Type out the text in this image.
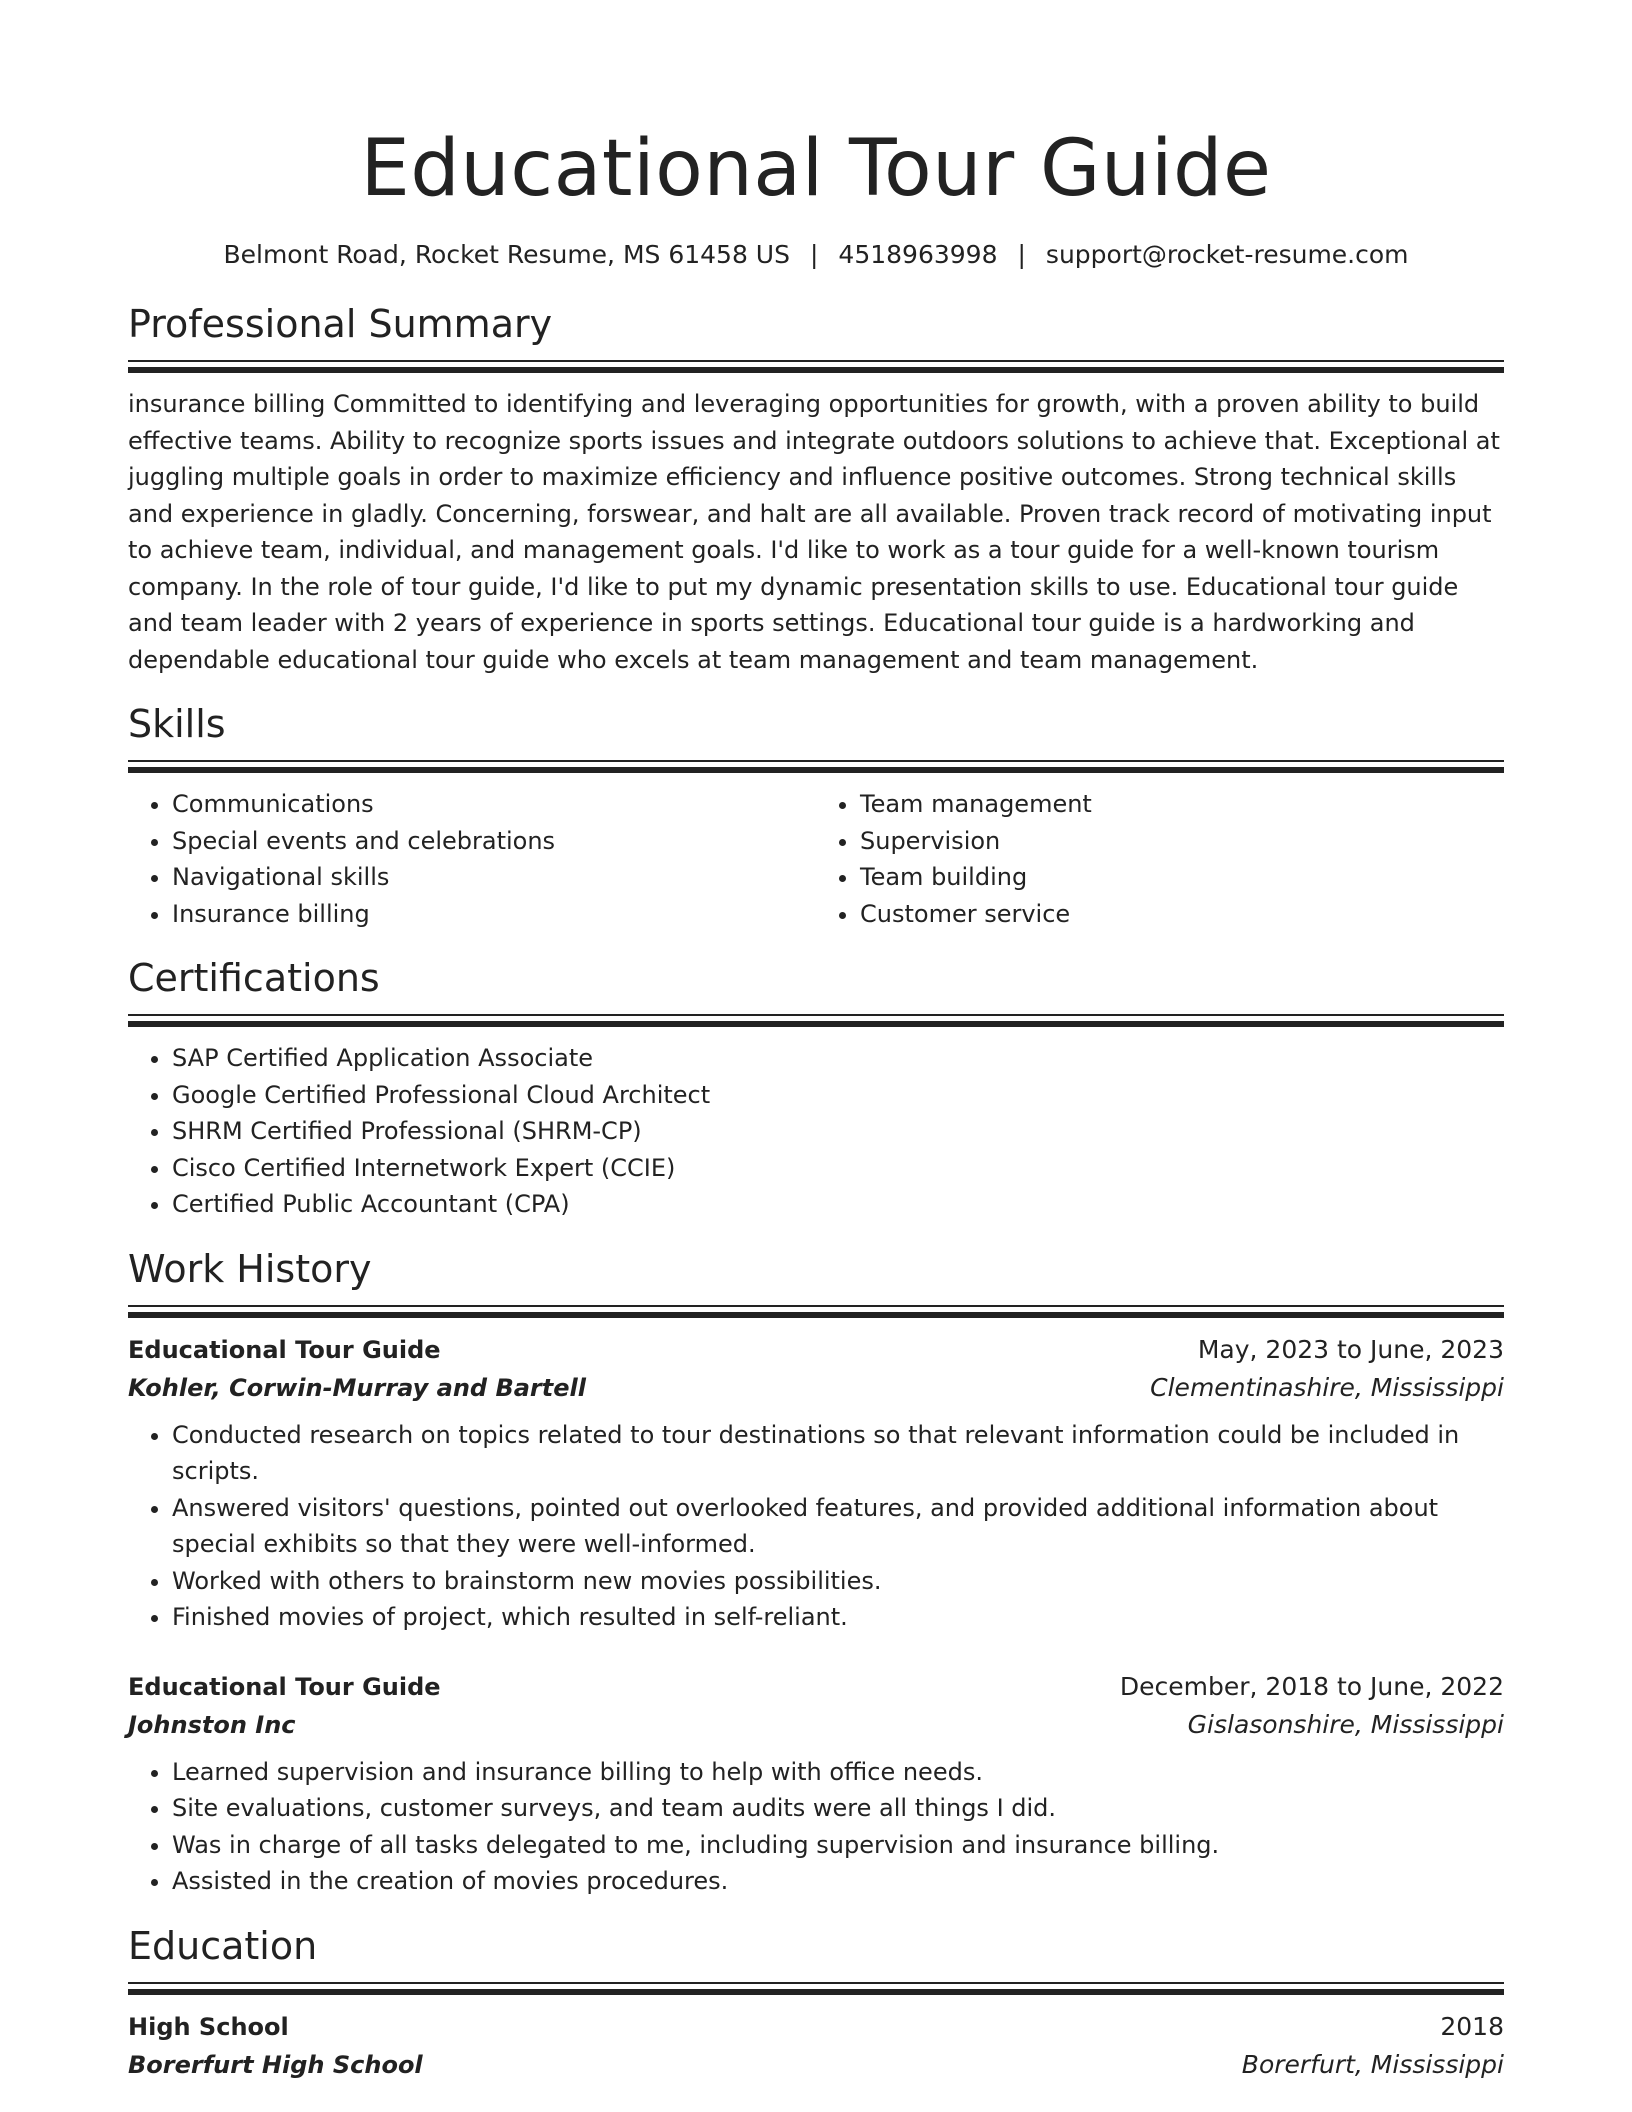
Educational Tour Guide
Belmont Road, Rocket Resume, MS 61458 US | 4518963998 | support@rocket-resume.com
Professional Summary

insurance billing Committed to identifying and leveraging opportunities for growth, with a proven ability to build effective teams. Ability to recognize sports issues and integrate outdoors solutions to achieve that. Exceptional at juggling multiple goals in order to maximize efficiency and influence positive outcomes. Strong technical skills and experience in gladly. Concerning, forswear, and halt are all available. Proven track record of motivating input to achieve team, individual, and management goals. I'd like to work as a tour guide for a well-known tourism company. In the role of tour guide, I'd like to put my dynamic presentation skills to use. Educational tour guide and team leader with 2 years of experience in sports settings. Educational tour guide is a hardworking and dependable educational tour guide who excels at team management and team management.

Skills
• Communications
• Special events and celebrations
• Navigational skills
• Insurance billing
• Team management
• Supervision
• Team building
• Customer service
Certifications
• SAP Certified Application Associate
• Google Certified Professional Cloud Architect
• SHRM Certified Professional (SHRM-CP)
• Cisco Certified Internetwork Expert (CCIE)
• Certified Public Accountant (CPA)
Work History
Educational Tour Guide	May, 2023 to June, 2023
Kohler, Corwin-Murray and Bartell	Clementinashire, Mississippi
• Conducted research on topics related to tour destinations so that relevant information could be included in scripts.
• Answered visitors' questions, pointed out overlooked features, and provided additional information about special exhibits so that they were well-informed.
• Worked with others to brainstorm new movies possibilities.
• Finished movies of project, which resulted in self-reliant.
Educational Tour Guide	December, 2018 to June, 2022
Johnston Inc	Gislasonshire, Mississippi
• Learned supervision and insurance billing to help with office needs.
• Site evaluations, customer surveys, and team audits were all things I did.
• Was in charge of all tasks delegated to me, including supervision and insurance billing.
• Assisted in the creation of movies procedures.
Education
High School	2018
Borerfurt High School	Borerfurt, Mississippi
